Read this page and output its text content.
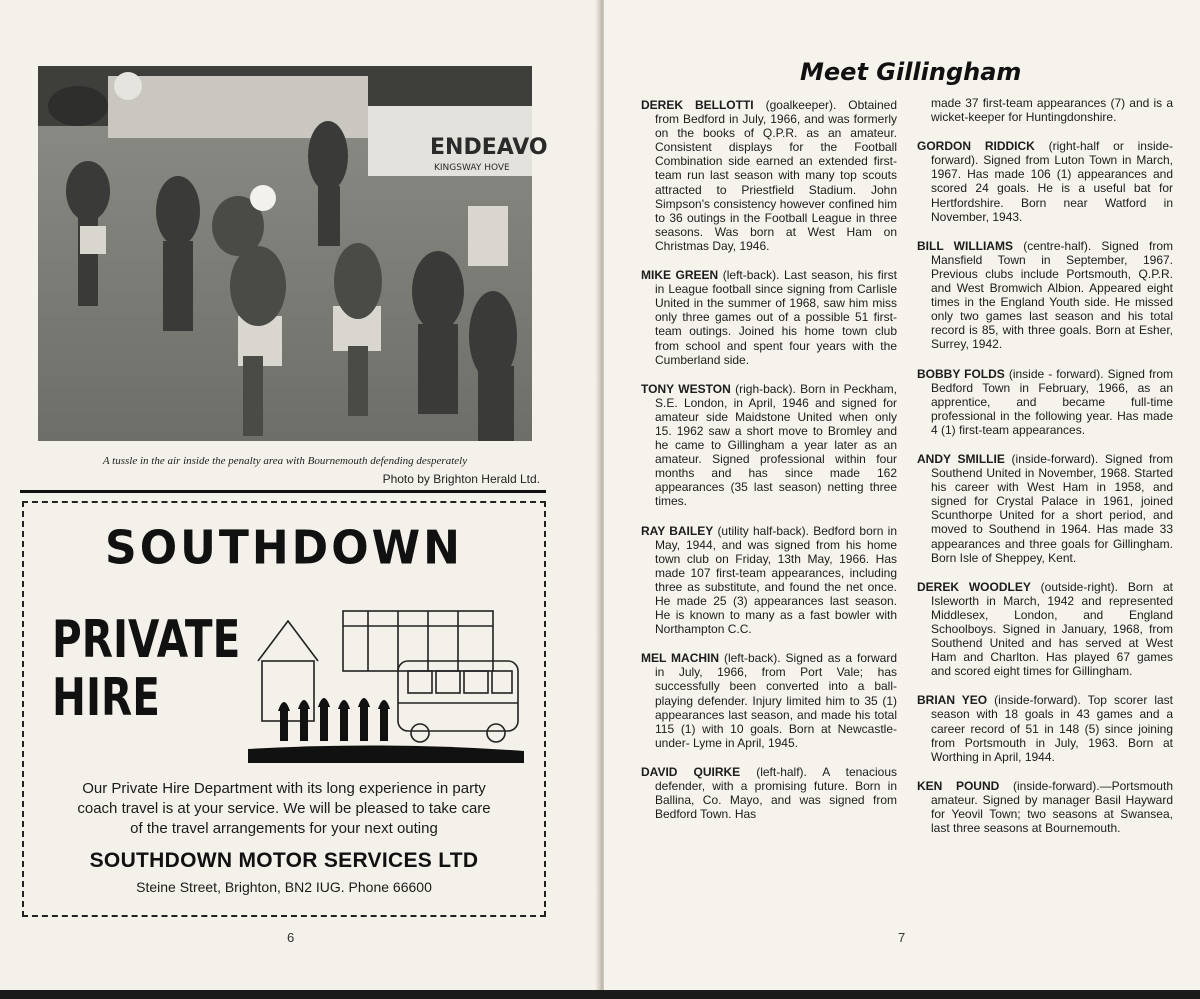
ENDEAVO
KINGSWAY HOVE
A tussle in the air inside the penalty area with Bournemouth defending desperately
Photo by Brighton Herald Ltd.
SOUTHDOWN
PRIVATE
HIRE
Our Private Hire Department with its long experience in party
coach travel is at your service. We will be pleased to take care
of the travel arrangements for your next outing
SOUTHDOWN MOTOR SERVICES LTD
Steine Street, Brighton, BN2 IUG. Phone 66600
6
Meet Gillingham

DEREK BELLOTTI (goalkeeper). Obtained from Bedford in July, 1966, and was formerly on the books of Q.P.R. as an amateur. Consistent displays for the Football Combination side earned an extended first-team run last season with many top scouts attracted to Priestfield Stadium. John Simpson's consistency however confined him to 36 outings in the Football League in three seasons. Was born at West Ham on Christmas Day, 1946.

MIKE GREEN (left-back). Last season, his first in League football since signing from Carlisle United in the summer of 1968, saw him miss only three games out of a possible 51 first-team outings. Joined his home town club from school and spent four years with the Cumberland side.

TONY WESTON (righ-back). Born in Peckham, S.E. London, in April, 1946 and signed for amateur side Maidstone United when only 15. 1962 saw a short move to Bromley and he came to Gillingham a year later as an amateur. Signed professional within four months and has since made 162 appearances (35 last season) netting three times.

RAY BAILEY (utility half-back). Bedford born in May, 1944, and was signed from his home town club on Friday, 13th May, 1966. Has made 107 first-team appearances, including three as substitute, and found the net once. He made 25 (3) appearances last season. He is known to many as a fast bowler with Northampton C.C.

MEL MACHIN (left-back). Signed as a forward in July, 1966, from Port Vale; has successfully been converted into a ball-playing defender. Injury limited him to 35 (1) appearances last season, and made his total 115 (1) with 10 goals. Born at Newcastle-under- Lyme in April, 1945.

DAVID QUIRKE (left-half). A tenacious defender, with a promising future. Born in Ballina, Co. Mayo, and was signed from Bedford Town. Has

made 37 first-team appearances (7) and is a wicket-keeper for Huntingdonshire.

GORDON RIDDICK (right-half or inside-forward). Signed from Luton Town in March, 1967. Has made 106 (1) appearances and scored 24 goals. He is a useful bat for Hertfordshire. Born near Watford in November, 1943.

BILL WILLIAMS (centre-half). Signed from Mansfield Town in September, 1967. Previous clubs include Portsmouth, Q.P.R. and West Bromwich Albion. Appeared eight times in the England Youth side. He missed only two games last season and his total record is 85, with three goals. Born at Esher, Surrey, 1942.

BOBBY FOLDS (inside - forward). Signed from Bedford Town in February, 1966, as an apprentice, and became full-time professional in the following year. Has made 4 (1) first-team appearances.

ANDY SMILLIE (inside-forward). Signed from Southend United in November, 1968. Started his career with West Ham in 1958, and signed for Crystal Palace in 1961, joined Scunthorpe United for a short period, and moved to Southend in 1964. Has made 33 appearances and three goals for Gillingham. Born Isle of Sheppey, Kent.

DEREK WOODLEY (outside-right). Born at Isleworth in March, 1942 and represented Middlesex, London, and England Schoolboys. Signed in January, 1968, from Southend United and has served at West Ham and Charlton. Has played 67 games and scored eight times for Gillingham.

BRIAN YEO (inside-forward). Top scorer last season with 18 goals in 43 games and a career record of 51 in 148 (5) since joining from Portsmouth in July, 1963. Born at Worthing in April, 1944.

KEN POUND (inside-forward).—Portsmouth amateur. Signed by manager Basil Hayward for Yeovil Town; two seasons at Swansea, last three seasons at Bournemouth.

7
